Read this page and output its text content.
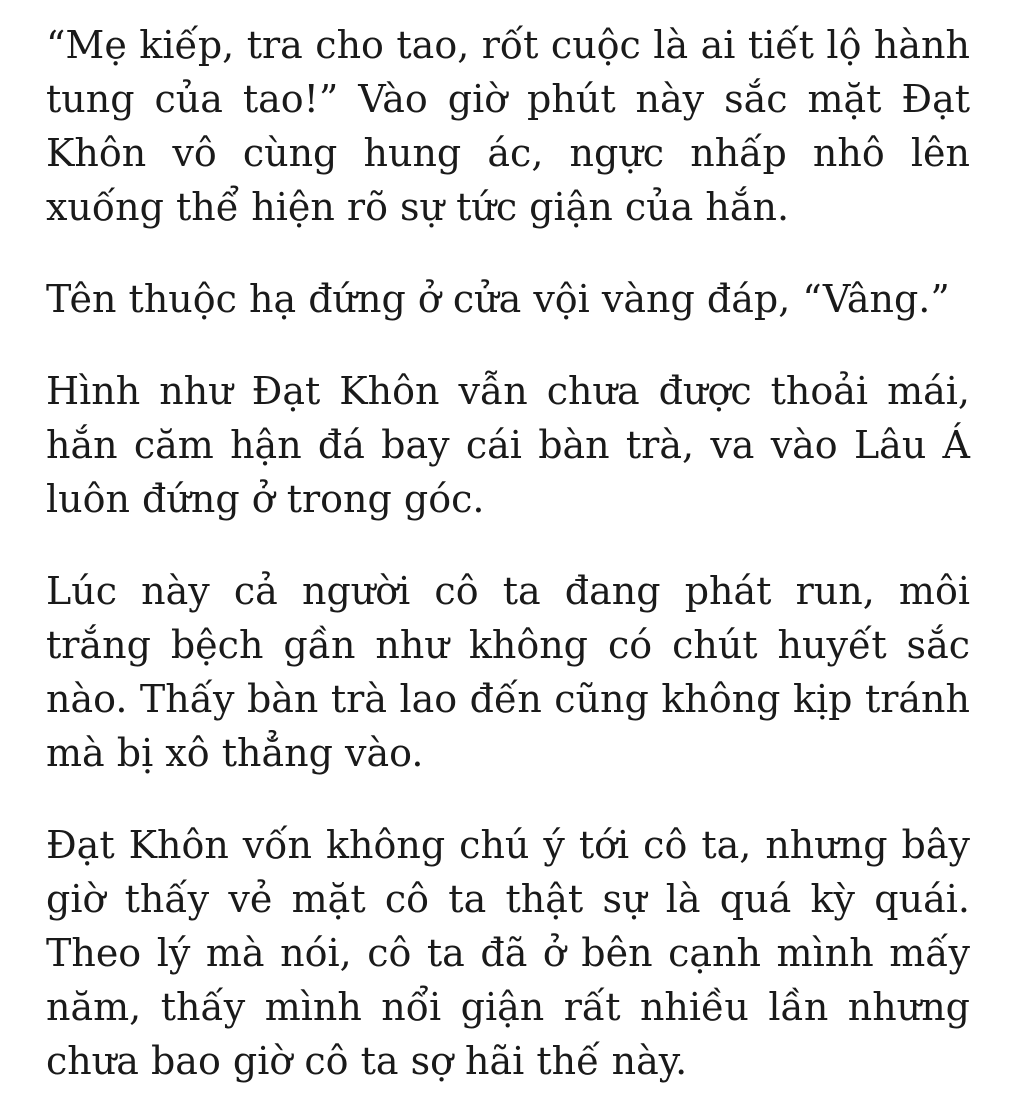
“Mẹ kiếp, tra cho tao, rốt cuộc là ai tiết lộ hành tung của tao!” Vào giờ phút này sắc mặt Đạt Khôn vô cùng hung ác, ngực nhấp nhô lên xuống thể hiện rõ sự tức giận của hắn.

Tên thuộc hạ đứng ở cửa vội vàng đáp, “Vâng.”

Hình như Đạt Khôn vẫn chưa được thoải mái, hắn căm hận đá bay cái bàn trà, va vào Lâu Á luôn đứng ở trong góc.

Lúc này cả người cô ta đang phát run, môi trắng bệch gần như không có chút huyết sắc nào. Thấy bàn trà lao đến cũng không kịp tránh mà bị xô thẳng vào.

Đạt Khôn vốn không chú ý tới cô ta, nhưng bây giờ thấy vẻ mặt cô ta thật sự là quá kỳ quái. Theo lý mà nói, cô ta đã ở bên cạnh mình mấy năm, thấy mình nổi giận rất nhiều lần nhưng chưa bao giờ cô ta sợ hãi thế này.
